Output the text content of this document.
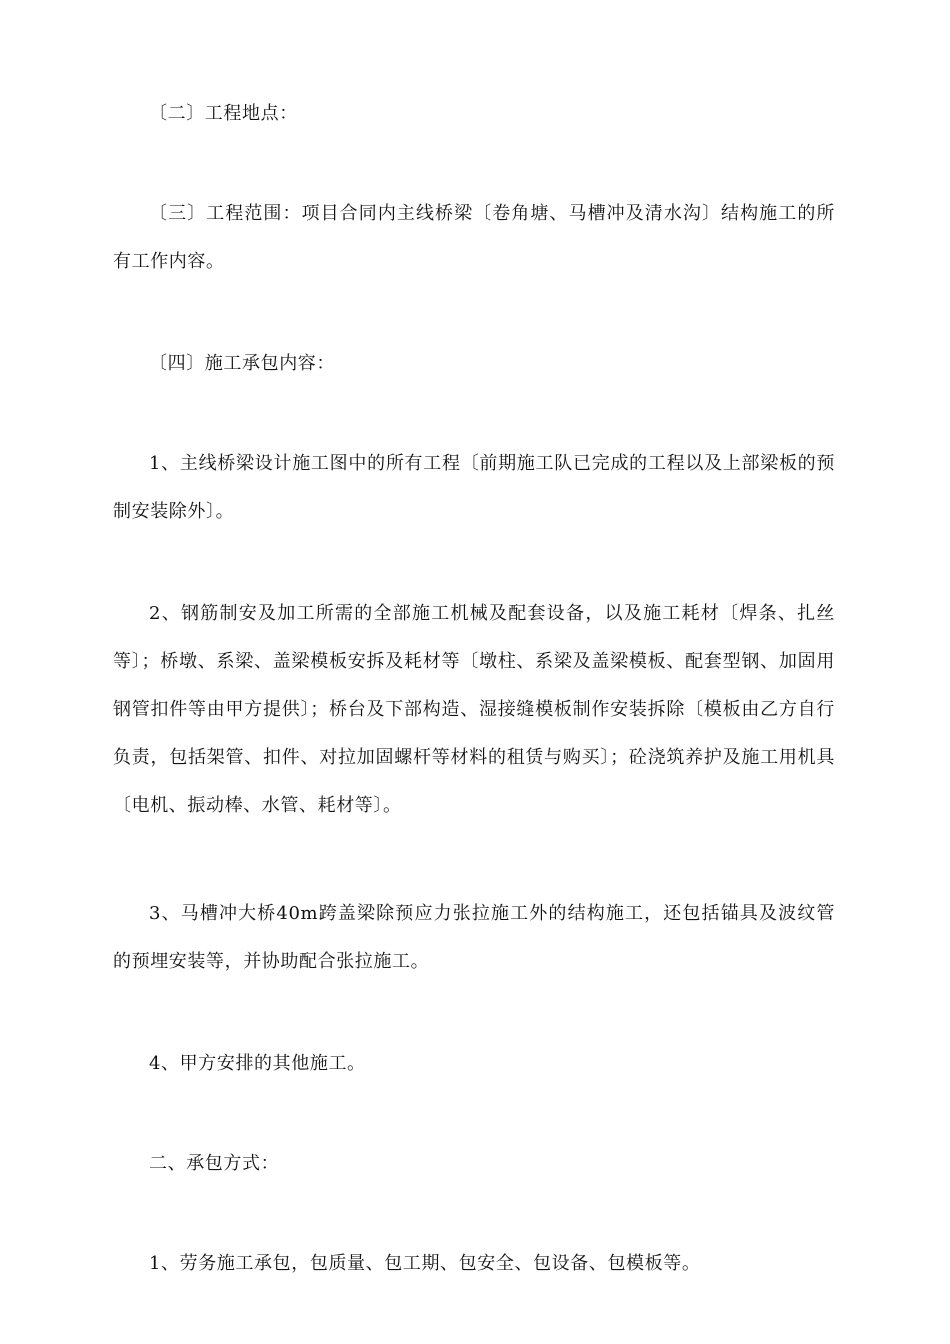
〔二〕工程地点：

〔三〕工程范围：项目合同内主线桥梁〔卷角塘、马槽冲及清水沟〕结构施工的所有工作内容。

〔四〕施工承包内容：

1、主线桥梁设计施工图中的所有工程〔前期施工队已完成的工程以及上部梁板的预制安装除外〕。

2、钢筋制安及加工所需的全部施工机械及配套设备，以及施工耗材〔焊条、扎丝等〕；桥墩、系梁、盖梁模板安拆及耗材等〔墩柱、系梁及盖梁模板、配套型钢、加固用钢管扣件等由甲方提供〕；桥台及下部构造、湿接缝模板制作安装拆除〔模板由乙方自行负责，包括架管、扣件、对拉加固螺杆等材料的租赁与购买〕；砼浇筑养护及施工用机具〔电机、振动棒、水管、耗材等〕。

3、马槽冲大桥40m跨盖梁除预应力张拉施工外的结构施工，还包括锚具及波纹管的预埋安装等，并协助配合张拉施工。

4、甲方安排的其他施工。

二、承包方式：

1、劳务施工承包，包质量、包工期、包安全、包设备、包模板等。
